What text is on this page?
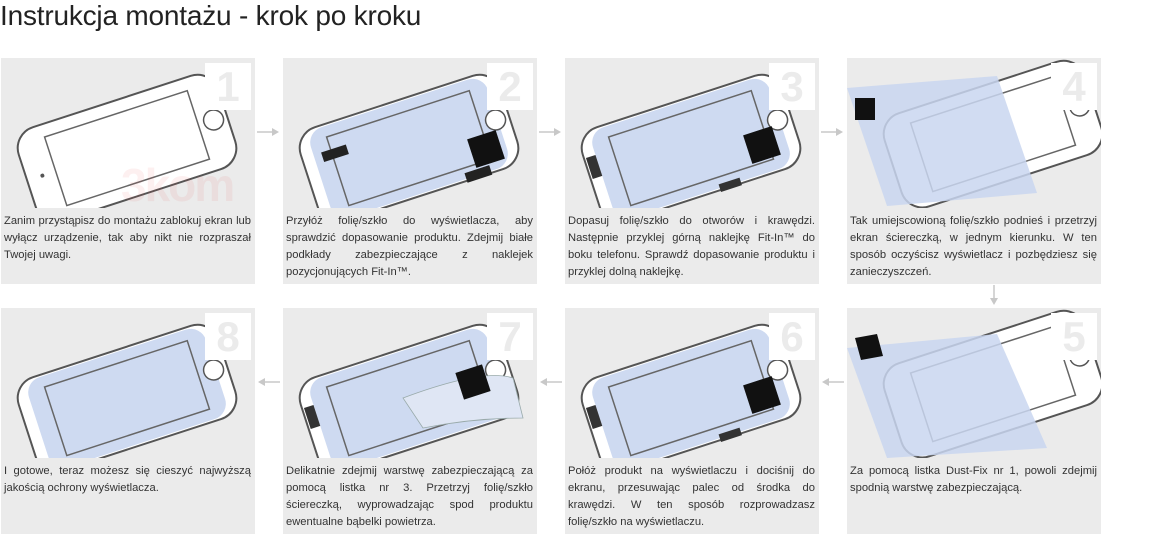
Instrukcja montażu - krok po kroku
3kom
1
Zanim przystąpisz do montażu zablokuj ekran lub wyłącz urządzenie, tak aby nikt nie rozpraszał Twojej uwagi.
2
Przyłóż folię/szkło do wyświetlacza, aby sprawdzić dopasowanie produktu. Zdejmij białe podkłady zabezpieczające z naklejek pozycjonujących Fit-In™.
3
Dopasuj folię/szkło do otworów i krawędzi. Następnie przyklej górną naklejkę Fit-In™ do boku telefonu. Sprawdź dopasowanie produktu i przyklej dolną naklejkę.
4
Tak umiejscowioną folię/szkło podnieś i przetrzyj ekran ściereczką, w jednym kierunku. W ten sposób oczyścisz wyświetlacz i pozbędziesz się zanieczyszczeń.
8
I gotowe, teraz możesz się cieszyć najwyższą jakością ochrony wyświetlacza.
7
Delikatnie zdejmij warstwę zabezpieczającą za pomocą listka nr 3. Przetrzyj folię/szkło ściereczką, wyprowadzając spod produktu ewentualne bąbelki powietrza.
6
Połóż produkt na wyświetlaczu i dociśnij do ekranu, przesuwając palec od środka do krawędzi. W ten sposób rozprowadzasz folię/szkło na wyświetlaczu.
5
Za pomocą listka Dust-Fix nr 1, powoli zdejmij spodnią warstwę zabezpieczającą.
